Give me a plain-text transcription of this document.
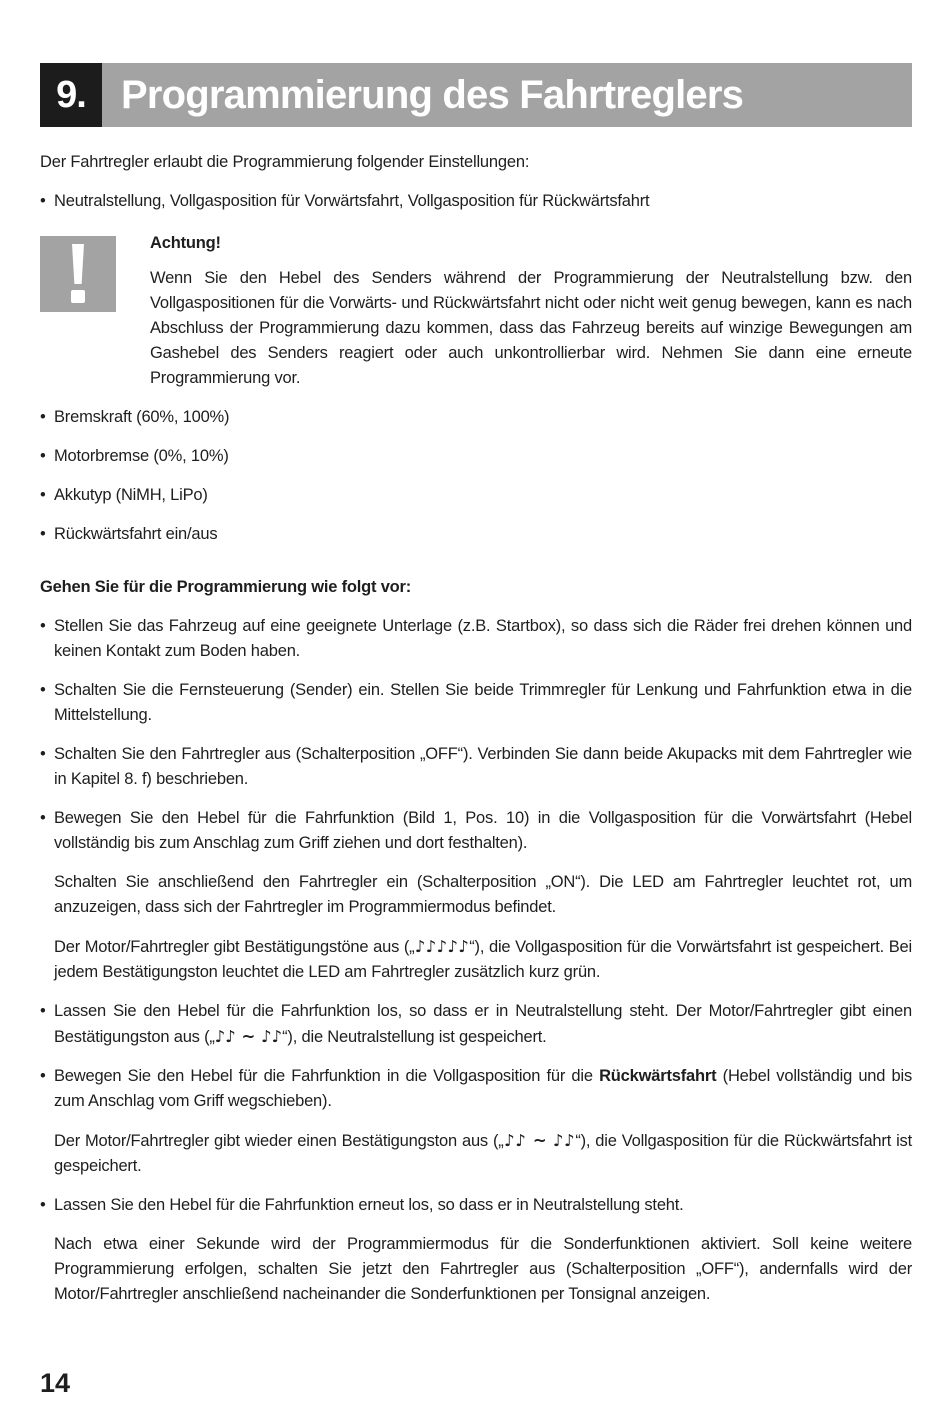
9. Programmierung des Fahrtreglers

Der Fahrtregler erlaubt die Programmierung folgender Einstellungen:

• Neutralstellung, Vollgasposition für Vorwärtsfahrt, Vollgasposition für Rückwärtsfahrt

Achtung!

Wenn Sie den Hebel des Senders während der Programmierung der Neutralstellung bzw. den Vollgaspositionen für die Vorwärts- und Rückwärtsfahrt nicht oder nicht weit genug bewegen, kann es nach Abschluss der Programmierung dazu kommen, dass das Fahrzeug bereits auf winzige Bewegungen am Gashebel des Senders reagiert oder auch unkontrollierbar wird. Nehmen Sie dann eine erneute Programmierung vor.

• Bremskraft (60%, 100%)
• Motorbremse (0%, 10%)
• Akkutyp (NiMH, LiPo)
• Rückwärtsfahrt ein/aus

Gehen Sie für die Programmierung wie folgt vor:

• Stellen Sie das Fahrzeug auf eine geeignete Unterlage (z.B. Startbox), so dass sich die Räder frei drehen können und keinen Kontakt zum Boden haben.
• Schalten Sie die Fernsteuerung (Sender) ein. Stellen Sie beide Trimmregler für Lenkung und Fahrfunktion etwa in die Mittelstellung.
• Schalten Sie den Fahrtregler aus (Schalterposition „OFF“). Verbinden Sie dann beide Akupacks mit dem Fahrtregler wie in Kapitel 8. f) beschrieben.
• Bewegen Sie den Hebel für die Fahrfunktion (Bild 1, Pos. 10) in die Vollgasposition für die Vorwärtsfahrt (Hebel vollständig bis zum Anschlag zum Griff ziehen und dort festhalten).

Schalten Sie anschließend den Fahrtregler ein (Schalterposition „ON“). Die LED am Fahrtregler leuchtet rot, um anzuzeigen, dass sich der Fahrtregler im Programmiermodus befindet.

Der Motor/Fahrtregler gibt Bestätigungstöne aus („♪♪♪♪♪“), die Vollgasposition für die Vorwärtsfahrt ist gespeichert. Bei jedem Bestätigungston leuchtet die LED am Fahrtregler zusätzlich kurz grün.

• Lassen Sie den Hebel für die Fahrfunktion los, so dass er in Neutralstellung steht. Der Motor/Fahrtregler gibt einen Bestätigungston aus („♪♪ ~ ♪♪“), die Neutralstellung ist gespeichert.
• Bewegen Sie den Hebel für die Fahrfunktion in die Vollgasposition für die Rückwärtsfahrt (Hebel vollständig und bis zum Anschlag vom Griff wegschieben).

Der Motor/Fahrtregler gibt wieder einen Bestätigungston aus („♪♪ ~ ♪♪“), die Vollgasposition für die Rückwärtsfahrt ist gespeichert.

• Lassen Sie den Hebel für die Fahrfunktion erneut los, so dass er in Neutralstellung steht.

Nach etwa einer Sekunde wird der Programmiermodus für die Sonderfunktionen aktiviert. Soll keine weitere Programmierung erfolgen, schalten Sie jetzt den Fahrtregler aus (Schalterposition „OFF“), andernfalls wird der Motor/Fahrtregler anschließend nacheinander die Sonderfunktionen per Tonsignal anzeigen.

14
